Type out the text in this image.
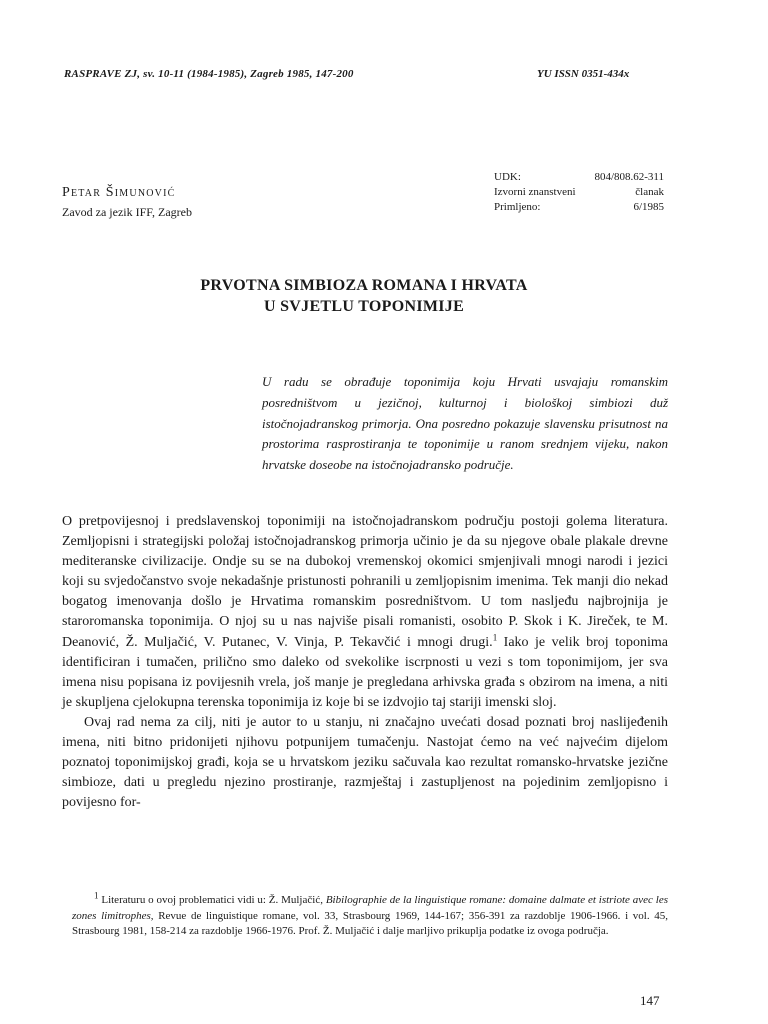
RASPRAVE ZJ, sv. 10-11 (1984-1985), Zagreb 1985, 147-200	YU ISSN 0351-434x
Petar Šimunović
Zavod za jezik IFF, Zagreb
UDK:	804/808.62-311
Izvorni znanstveni	članak
Primljeno:	6/1985
PRVOTNA SIMBIOZA ROMANA I HRVATA
U SVJETLU TOPONIMIJE
U radu se obrađuje toponimija koju Hrvati usvajaju romanskim posredništvom u jezičnoj, kulturnoj i biološkoj simbiozi duž istočnojadranskog primorja. Ona posredno pokazuje slavensku prisutnost na prostorima rasprostiranja te toponimije u ranom srednjem vijeku, nakon hrvatske doseobe na istočnojadransko područje.

O pretpovijesnoj i predslavenskoj toponimiji na istočnojadranskom području postoji golema literatura. Zemljopisni i strategijski položaj istočnojadranskog primorja učinio je da su njegove obale plakale drevne mediteranske civilizacije. Ondje su se na dubokoj vremenskoj okomici smjenjivali mnogi narodi i jezici koji su svjedočanstvo svoje nekadašnje pristunosti pohranili u zemljopisnim imenima. Tek manji dio nekad bogatog imenovanja došlo je Hrvatima romanskim posredništvom. U tom nasljeđu najbrojnija je staroromanska toponimija. O njoj su u nas najviše pisali romanisti, osobito P. Skok i K. Jireček, te M. Deanović, Ž. Muljačić, V. Putanec, V. Vinja, P. Tekavčić i mnogi drugi.$^1$ Iako je velik broj toponima identificiran i tumačen, prilično smo daleko od svekolike iscrpnosti u vezi s tom toponimijom, jer sva imena nisu popisana iz povijesnih vrela, još manje je pregledana arhivska građa s obzirom na imena, a niti je skupljena cjelokupna terenska toponimija iz koje bi se izdvojio taj stariji imenski sloj.

Ovaj rad nema za cilj, niti je autor to u stanju, ni značajno uvećati dosad poznati broj naslijeđenih imena, niti bitno pridonijeti njihovu potpunijem tumačenju. Nastojat ćemo na već najvećim dijelom poznatoj toponimijskoj građi, koja se u hrvatskom jeziku sačuvala kao rezultat romansko-hrvatske jezične simbioze, dati u pregledu njezino prostiranje, razmještaj i zastupljenost na pojedinim zemljopisno i povijesno for-

$^1$ Literaturu o ovoj problematici vidi u: Ž. Muljačić, Bibilographie de la linguistique romane: domaine dalmate et istriote avec les zones limitrophes, Revue de linguistique romane, vol. 33, Strasbourg 1969, 144-167; 356-391 za razdoblje 1906-1966. i vol. 45, Strasbourg 1981, 158-214 za razdoblje 1966-1976. Prof. Ž. Muljačić i dalje marljivo prikuplja podatke iz ovoga područja.
147
